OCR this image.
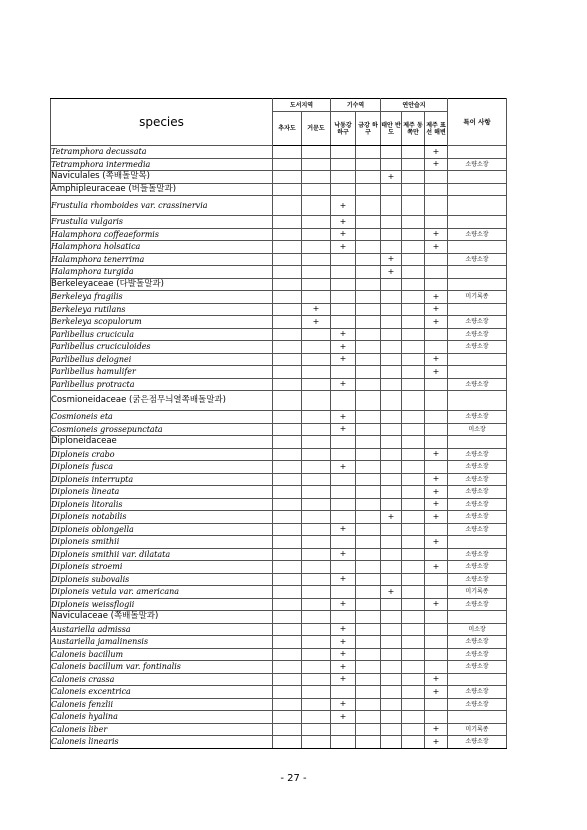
species	도서지역		기수역		연안습지			특이 사항
	추자도	거문도	낙동강 하구	금강 하구	태안 반도	제주 동쪽만	제주 표선 해변	
Tetramphora decussata							+	
Tetramphora intermedia							+	소량소장
Naviculales (쪽배돌말목)					+			
Amphipleuraceae (버들돌말과)								
Frustulia rhomboides var. crassinervia			+					
Frustulia vulgaris			+					
Halamphora coffeaeformis			+				+	소량소장
Halamphora holsatica			+				+	
Halamphora tenerrima					+			소량소장
Halamphora turgida					+			
Berkeleyaceae (다발돌말과)								
Berkeleya fragilis							+	미기록종
Berkeleya rutilans		+					+	
Berkeleya scopulorum		+					+	소량소장
Parlibellus crucicula			+					소량소장
Parlibellus cruciculoides			+					소량소장
Parlibellus delognei			+				+	
Parlibellus hamulifer							+	
Parlibellus protracta			+					소량소장
Cosmioneidaceae (굵은점무늬열쪽배돌말과)								
Cosmioneis eta			+					소량소장
Cosmioneis grossepunctata			+					미소장
Diploneidaceae								
Diploneis crabo							+	소량소장
Diploneis fusca			+					소량소장
Diploneis interrupta							+	소량소장
Diploneis lineata							+	소량소장
Diploneis litoralis							+	소량소장
Diploneis notabilis					+		+	소량소장
Diploneis oblongella			+					소량소장
Diploneis smithii							+	
Diploneis smithii var. dilatata			+					소량소장
Diploneis stroemi							+	소량소장
Diploneis subovalis			+					소량소장
Diploneis vetula var. americana					+			미기록종
Diploneis weissflogii			+				+	소량소장
Naviculaceae (쪽배돌말과)								
Austariella admissa			+					미소장
Austariella jamalinensis			+					소량소장
Caloneis bacillum			+					소량소장
Caloneis bacillum var. fontinalis			+					소량소장
Caloneis crassa			+				+	
Caloneis excentrica							+	소량소장
Caloneis fenzlii			+					소량소장
Caloneis hyalina			+					
Caloneis liber							+	미기록종
Caloneis linearis							+	소량소장
- 27 -
